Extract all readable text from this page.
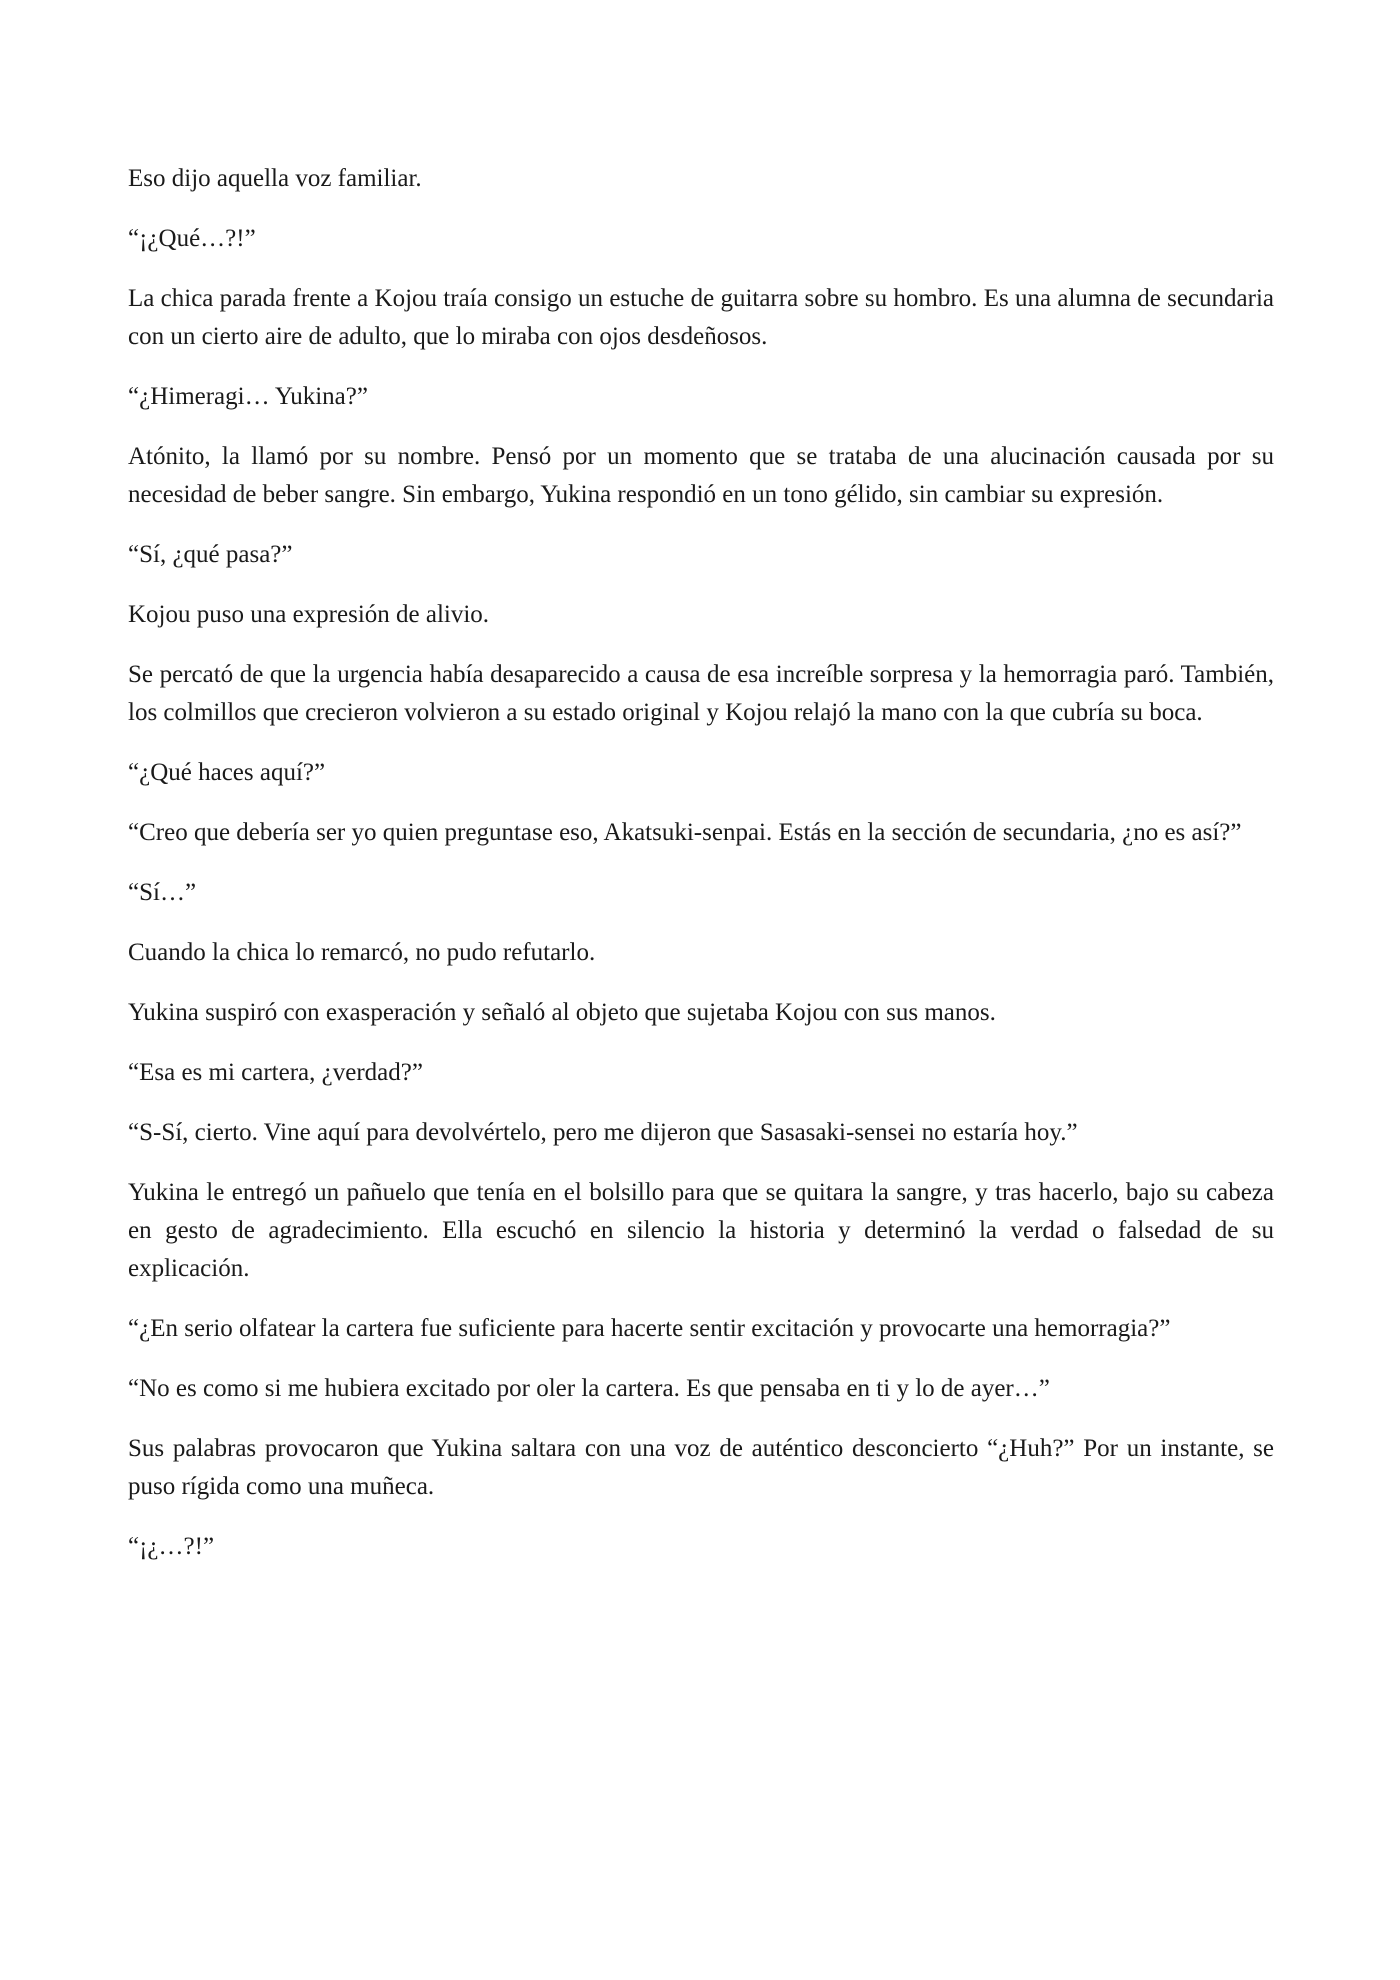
Eso dijo aquella voz familiar.

“¡¿Qué…?!”

La chica parada frente a Kojou traía consigo un estuche de guitarra sobre su hombro. Es una alumna de secundaria con un cierto aire de adulto, que lo miraba con ojos desdeñosos.

“¿Himeragi… Yukina?”

Atónito, la llamó por su nombre. Pensó por un momento que se trataba de una alucinación causada por su necesidad de beber sangre. Sin embargo, Yukina respondió en un tono gélido, sin cambiar su expresión.

“Sí, ¿qué pasa?”

Kojou puso una expresión de alivio.

Se percató de que la urgencia había desaparecido a causa de esa increíble sorpresa y la hemorragia paró. También, los colmillos que crecieron volvieron a su estado original y Kojou relajó la mano con la que cubría su boca.

“¿Qué haces aquí?”

“Creo que debería ser yo quien preguntase eso, Akatsuki-senpai. Estás en la sección de secundaria, ¿no es así?”

“Sí…”

Cuando la chica lo remarcó, no pudo refutarlo.

Yukina suspiró con exasperación y señaló al objeto que sujetaba Kojou con sus manos.

“Esa es mi cartera, ¿verdad?”

“S-Sí, cierto. Vine aquí para devolvértelo, pero me dijeron que Sasasaki-sensei no estaría hoy.”

Yukina le entregó un pañuelo que tenía en el bolsillo para que se quitara la sangre, y tras hacerlo, bajo su cabeza en gesto de agradecimiento. Ella escuchó en silencio la historia y determinó la verdad o falsedad de su explicación.

“¿En serio olfatear la cartera fue suficiente para hacerte sentir excitación y provocarte una hemorragia?”

“No es como si me hubiera excitado por oler la cartera. Es que pensaba en ti y lo de ayer…”

Sus palabras provocaron que Yukina saltara con una voz de auténtico desconcierto “¿Huh?” Por un instante, se puso rígida como una muñeca.

“¡¿…?!”
